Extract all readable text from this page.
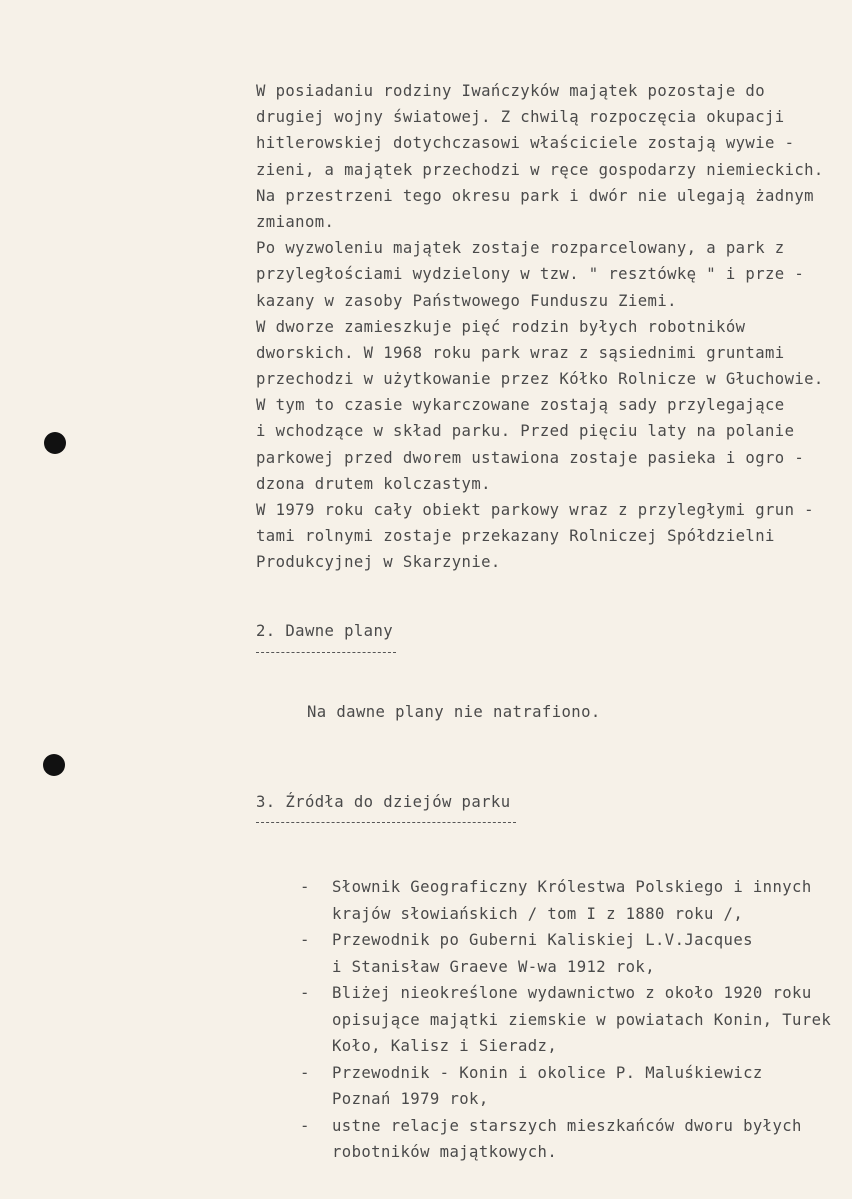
W posiadaniu rodziny Iwańczyków majątek pozostaje do
drugiej wojny światowej. Z chwilą rozpoczęcia okupacji
hitlerowskiej dotychczasowi właściciele zostają wywie -
zieni, a majątek przechodzi w ręce gospodarzy niemieckich.
Na przestrzeni tego okresu park i dwór nie ulegają żadnym
zmianom.
Po wyzwoleniu majątek zostaje rozparcelowany, a park z
przyległościami wydzielony w tzw. " resztówkę " i prze -
kazany w zasoby Państwowego Funduszu Ziemi.
W dworze zamieszkuje pięć rodzin byłych robotników
dworskich. W 1968 roku park wraz z sąsiednimi gruntami
przechodzi w użytkowanie przez Kółko Rolnicze w Głuchowie.
W tym to czasie wykarczowane zostają sady przylegające
i wchodzące w skład parku. Przed pięciu laty na polanie
parkowej przed dworem ustawiona zostaje pasieka i ogro -
dzona drutem kolczastym.
W 1979 roku cały obiekt parkowy wraz z przyległymi grun -
tami rolnymi zostaje przekazany Rolniczej Spółdzielni
Produkcyjnej w Skarzynie.
2. Dawne plany
Na dawne plany nie natrafiono.
3. Źródła do dziejów parku
- Słownik Geograficzny Królestwa Polskiego i innych
krajów słowiańskich / tom I z 1880 roku /,
- Przewodnik po Guberni Kaliskiej L.V.Jacques
i Stanisław Graeve W-wa 1912 rok,
- Bliżej nieokreślone wydawnictwo z około 1920 roku
opisujące majątki ziemskie w powiatach Konin, Turek
Koło, Kalisz i Sieradz,
- Przewodnik - Konin i okolice P. Maluśkiewicz
Poznań 1979 rok,
- ustne relacje starszych mieszkańców dworu byłych
robotników majątkowych.
